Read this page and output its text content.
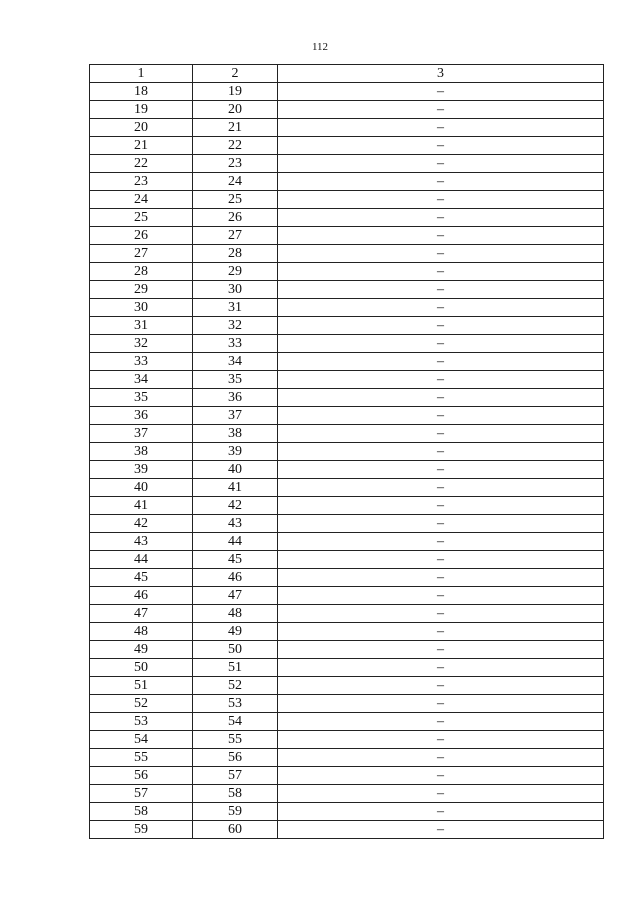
112
1	2	3
18	19	–
19	20	–
20	21	–
21	22	–
22	23	–
23	24	–
24	25	–
25	26	–
26	27	–
27	28	–
28	29	–
29	30	–
30	31	–
31	32	–
32	33	–
33	34	–
34	35	–
35	36	–
36	37	–
37	38	–
38	39	–
39	40	–
40	41	–
41	42	–
42	43	–
43	44	–
44	45	–
45	46	–
46	47	–
47	48	–
48	49	–
49	50	–
50	51	–
51	52	–
52	53	–
53	54	–
54	55	–
55	56	–
56	57	–
57	58	–
58	59	–
59	60	–
